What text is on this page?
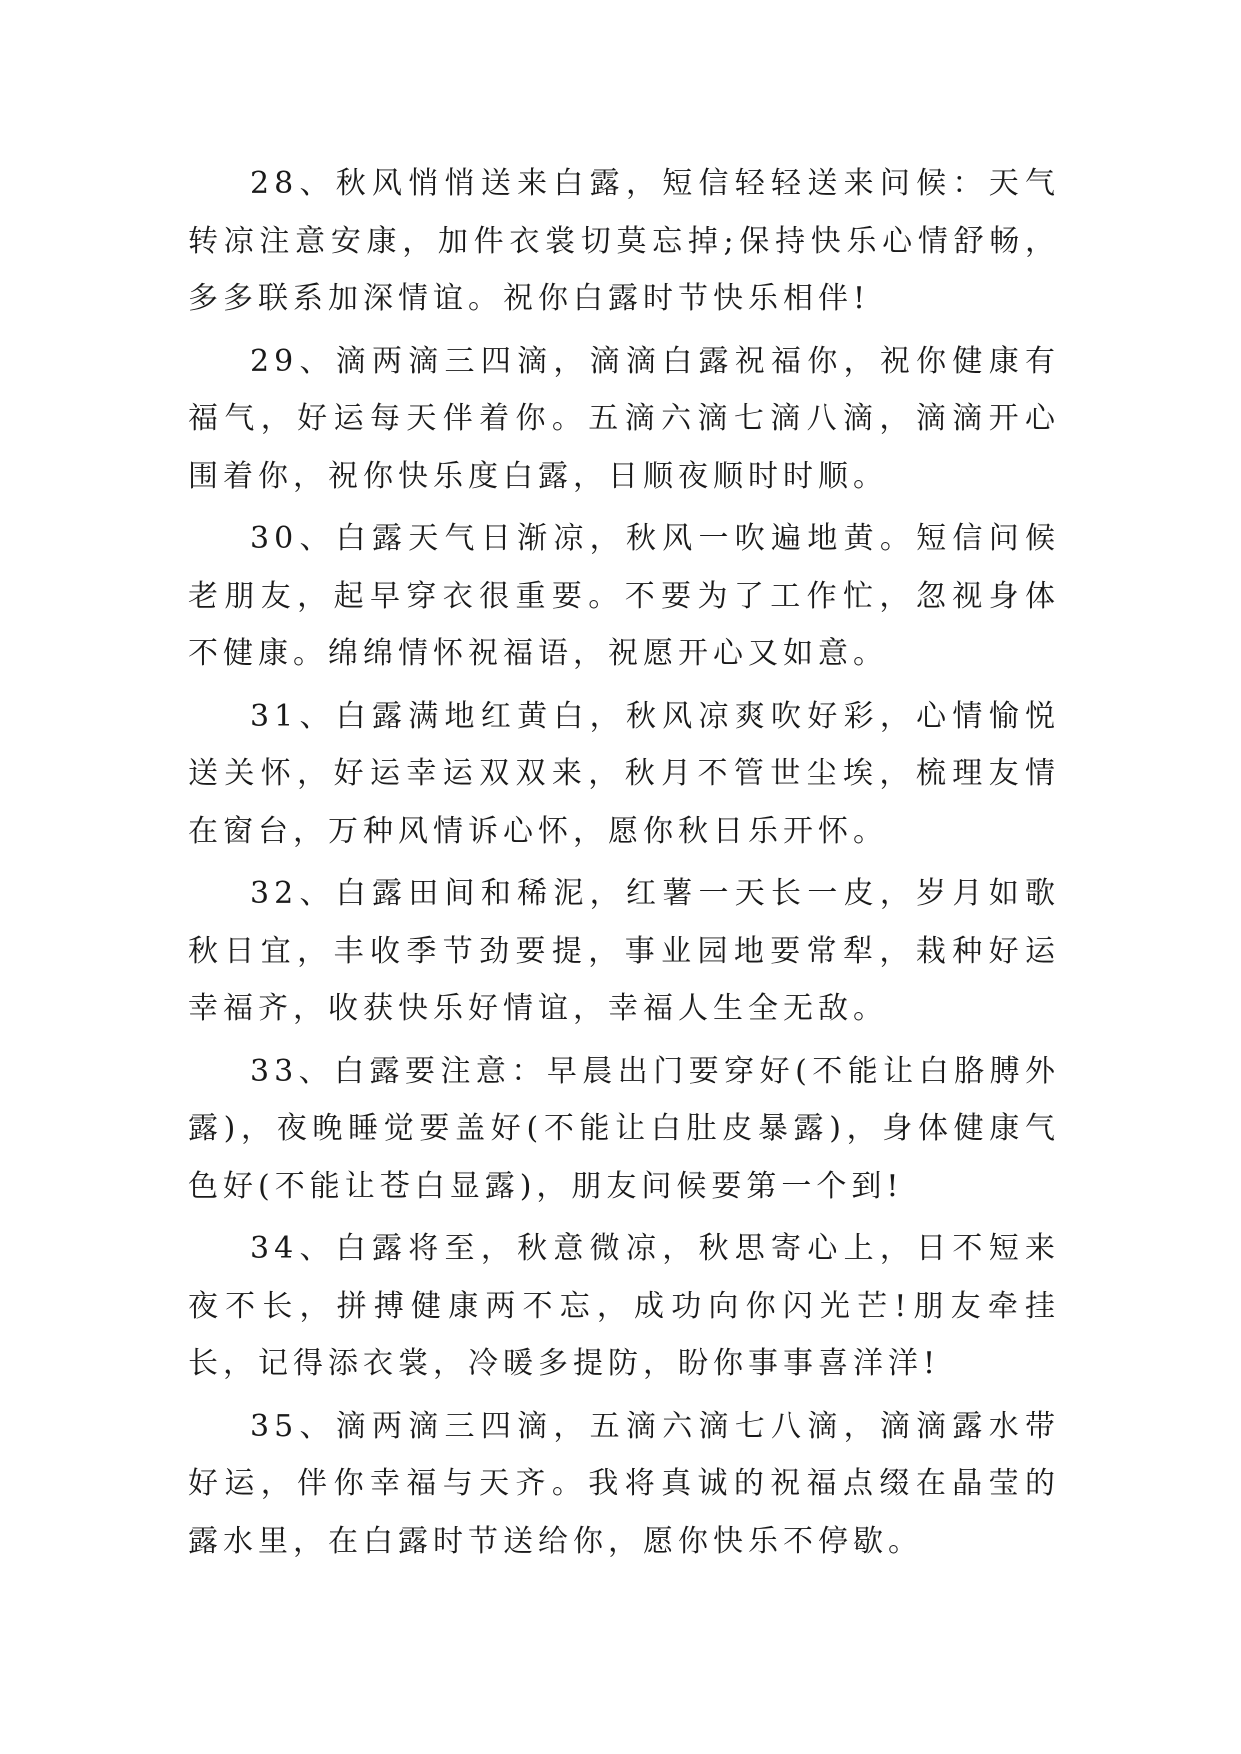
28、秋风悄悄送来白露，短信轻轻送来问候：天气转凉注意安康，加件衣裳切莫忘掉;保持快乐心情舒畅，多多联系加深情谊。祝你白露时节快乐相伴!

29、滴两滴三四滴，滴滴白露祝福你，祝你健康有福气，好运每天伴着你。五滴六滴七滴八滴，滴滴开心围着你，祝你快乐度白露，日顺夜顺时时顺。

30、白露天气日渐凉，秋风一吹遍地黄。短信问候老朋友，起早穿衣很重要。不要为了工作忙，忽视身体不健康。绵绵情怀祝福语，祝愿开心又如意。

31、白露满地红黄白，秋风凉爽吹好彩，心情愉悦送关怀，好运幸运双双来，秋月不管世尘埃，梳理友情在窗台，万种风情诉心怀，愿你秋日乐开怀。

32、白露田间和稀泥，红薯一天长一皮，岁月如歌秋日宜，丰收季节劲要提，事业园地要常犁，栽种好运幸福齐，收获快乐好情谊，幸福人生全无敌。

33、白露要注意：早晨出门要穿好(不能让白胳膊外露)，夜晚睡觉要盖好(不能让白肚皮暴露)，身体健康气色好(不能让苍白显露)，朋友问候要第一个到!

34、白露将至，秋意微凉，秋思寄心上，日不短来夜不长，拼搏健康两不忘，成功向你闪光芒!朋友牵挂长，记得添衣裳，冷暖多提防，盼你事事喜洋洋!

35、滴两滴三四滴，五滴六滴七八滴，滴滴露水带好运，伴你幸福与天齐。我将真诚的祝福点缀在晶莹的露水里，在白露时节送给你，愿你快乐不停歇。
